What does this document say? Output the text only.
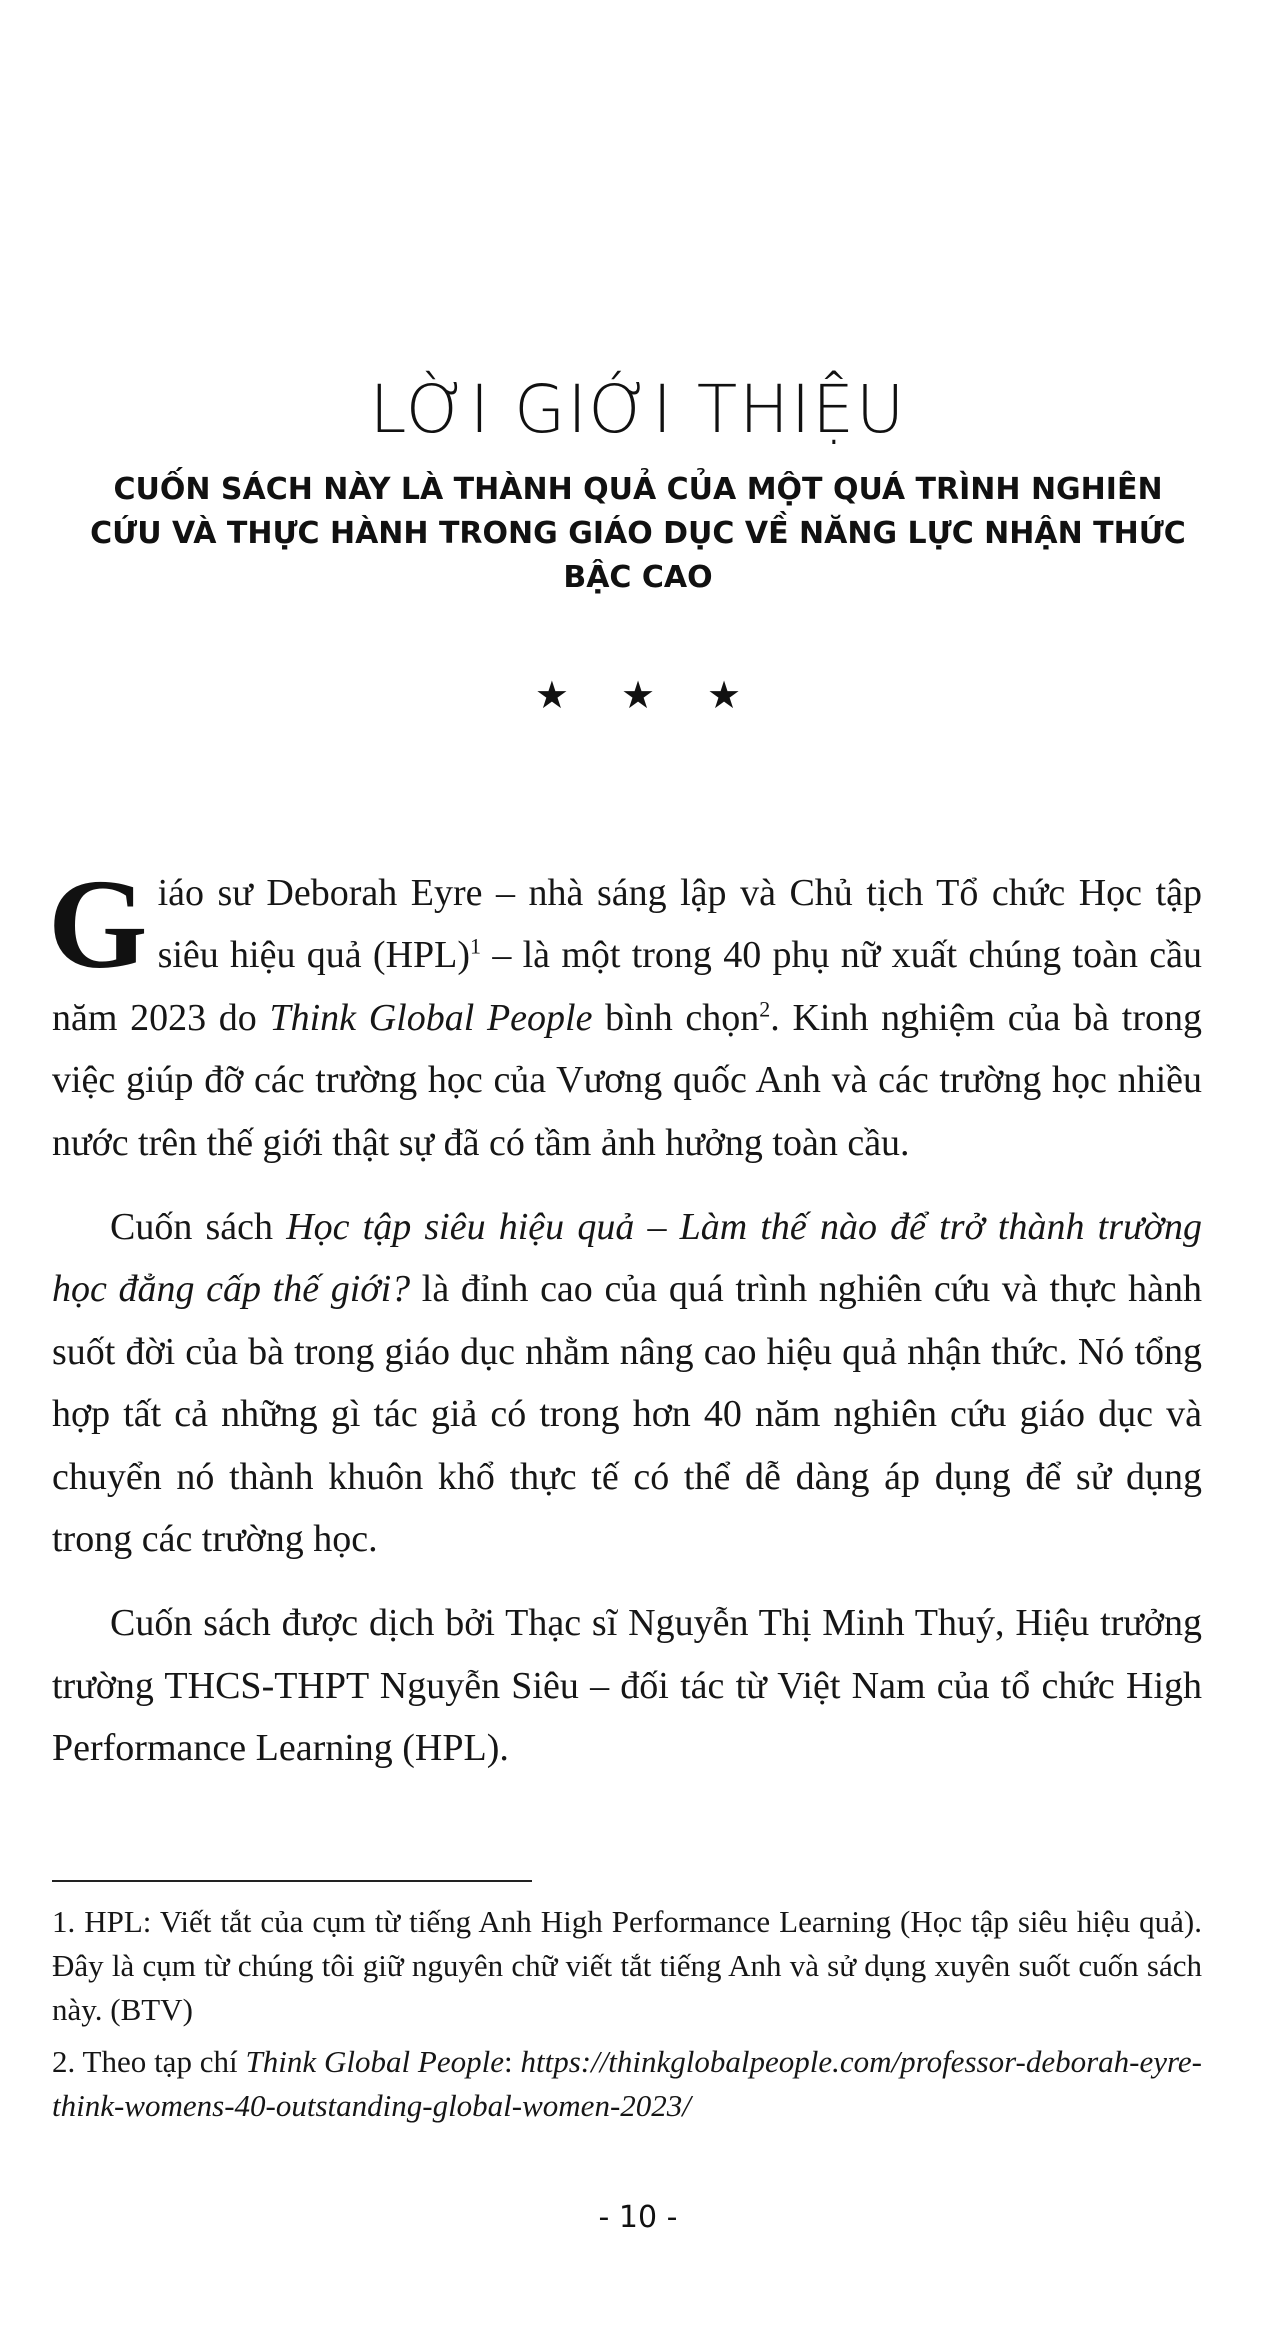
LỜI GIỚI THIỆU
CUỐN SÁCH NÀY LÀ THÀNH QUẢ CỦA MỘT QUÁ TRÌNH NGHIÊN CỨU VÀ THỰC HÀNH TRONG GIÁO DỤC VỀ NĂNG LỰC NHẬN THỨC BẬC CAO
★ ★ ★

Giáo sư Deborah Eyre – nhà sáng lập và Chủ tịch Tổ chức Học tập siêu hiệu quả (HPL)$^1$ – là một trong 40 phụ nữ xuất chúng toàn cầu năm 2023 do Think Global People bình chọn$^2$. Kinh nghiệm của bà trong việc giúp đỡ các trường học của Vương quốc Anh và các trường học nhiều nước trên thế giới thật sự đã có tầm ảnh hưởng toàn cầu.

Cuốn sách Học tập siêu hiệu quả – Làm thế nào để trở thành trường học đẳng cấp thế giới? là đỉnh cao của quá trình nghiên cứu và thực hành suốt đời của bà trong giáo dục nhằm nâng cao hiệu quả nhận thức. Nó tổng hợp tất cả những gì tác giả có trong hơn 40 năm nghiên cứu giáo dục và chuyển nó thành khuôn khổ thực tế có thể dễ dàng áp dụng để sử dụng trong các trường học.

Cuốn sách được dịch bởi Thạc sĩ Nguyễn Thị Minh Thuý, Hiệu trưởng trường THCS-THPT Nguyễn Siêu – đối tác từ Việt Nam của tổ chức High Performance Learning (HPL).

1. HPL: Viết tắt của cụm từ tiếng Anh High Performance Learning (Học tập siêu hiệu quả). Đây là cụm từ chúng tôi giữ nguyên chữ viết tắt tiếng Anh và sử dụng xuyên suốt cuốn sách này. (BTV)

2. Theo tạp chí Think Global People: https://thinkglobalpeople.com/professor-deborah-eyre-think-womens-40-outstanding-global-women-2023/

- 10 -
